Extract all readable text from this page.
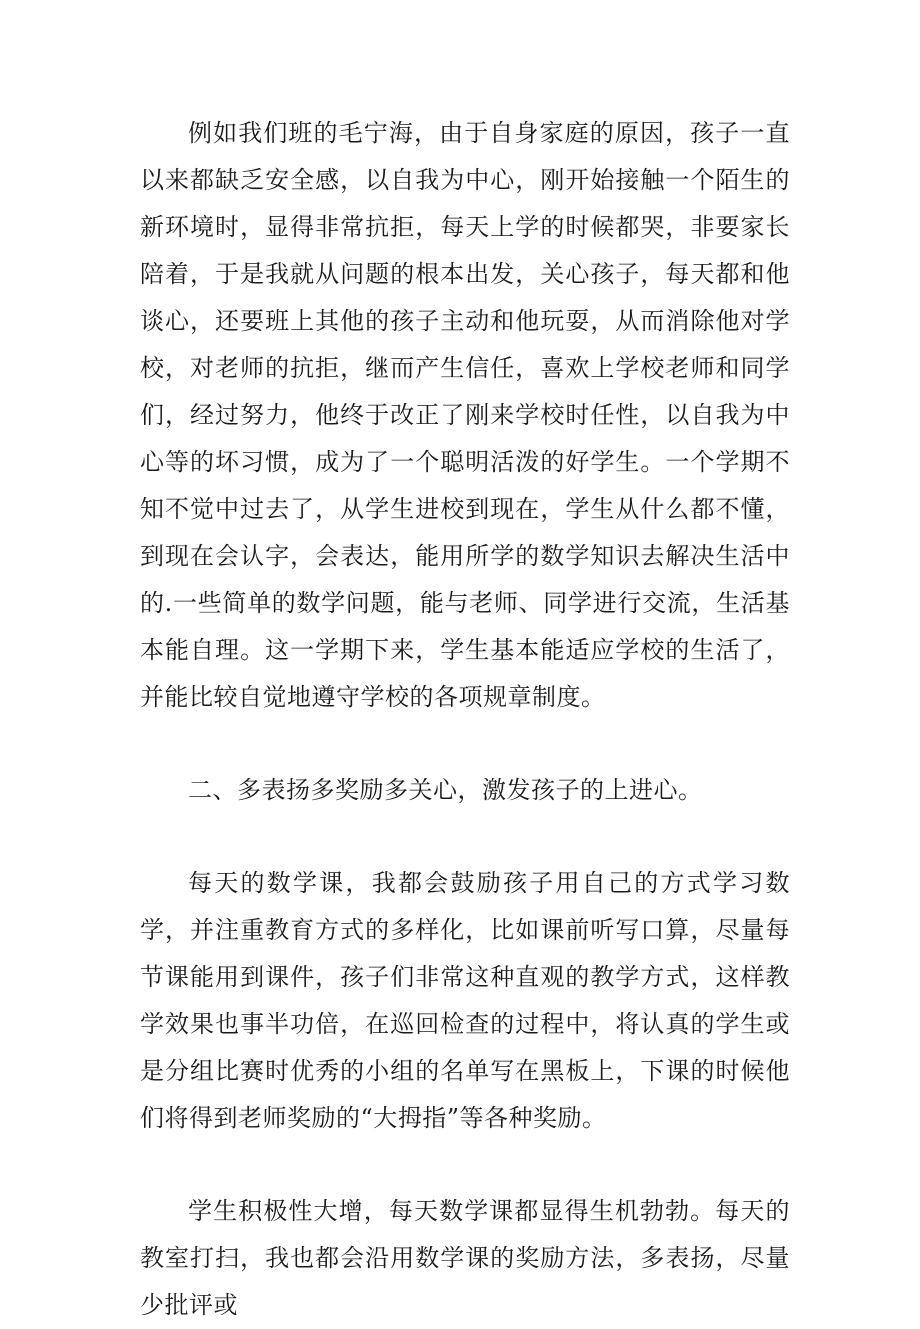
例如我们班的毛宁海，由于自身家庭的原因，孩子一直以来都缺乏安全感，以自我为中心，刚开始接触一个陌生的新环境时，显得非常抗拒，每天上学的时候都哭，非要家长陪着，于是我就从问题的根本出发，关心孩子，每天都和他谈心，还要班上其他的孩子主动和他玩耍，从而消除他对学校，对老师的抗拒，继而产生信任，喜欢上学校老师和同学们，经过努力，他终于改正了刚来学校时任性，以自我为中心等的坏习惯，成为了一个聪明活泼的好学生。一个学期不知不觉中过去了，从学生进校到现在，学生从什么都不懂，到现在会认字，会表达，能用所学的数学知识去解决生活中的.一些简单的数学问题，能与老师、同学进行交流，生活基本能自理。这一学期下来，学生基本能适应学校的生活了，并能比较自觉地遵守学校的各项规章制度。

二、多表扬多奖励多关心，激发孩子的上进心。

每天的数学课，我都会鼓励孩子用自己的方式学习数学，并注重教育方式的多样化，比如课前听写口算，尽量每节课能用到课件，孩子们非常这种直观的教学方式，这样教学效果也事半功倍，在巡回检查的过程中，将认真的学生或是分组比赛时优秀的小组的名单写在黑板上，下课的时候他们将得到老师奖励的“大拇指”等各种奖励。

学生积极性大增，每天数学课都显得生机勃勃。每天的教室打扫，我也都会沿用数学课的奖励方法，多表扬，尽量少批评或
